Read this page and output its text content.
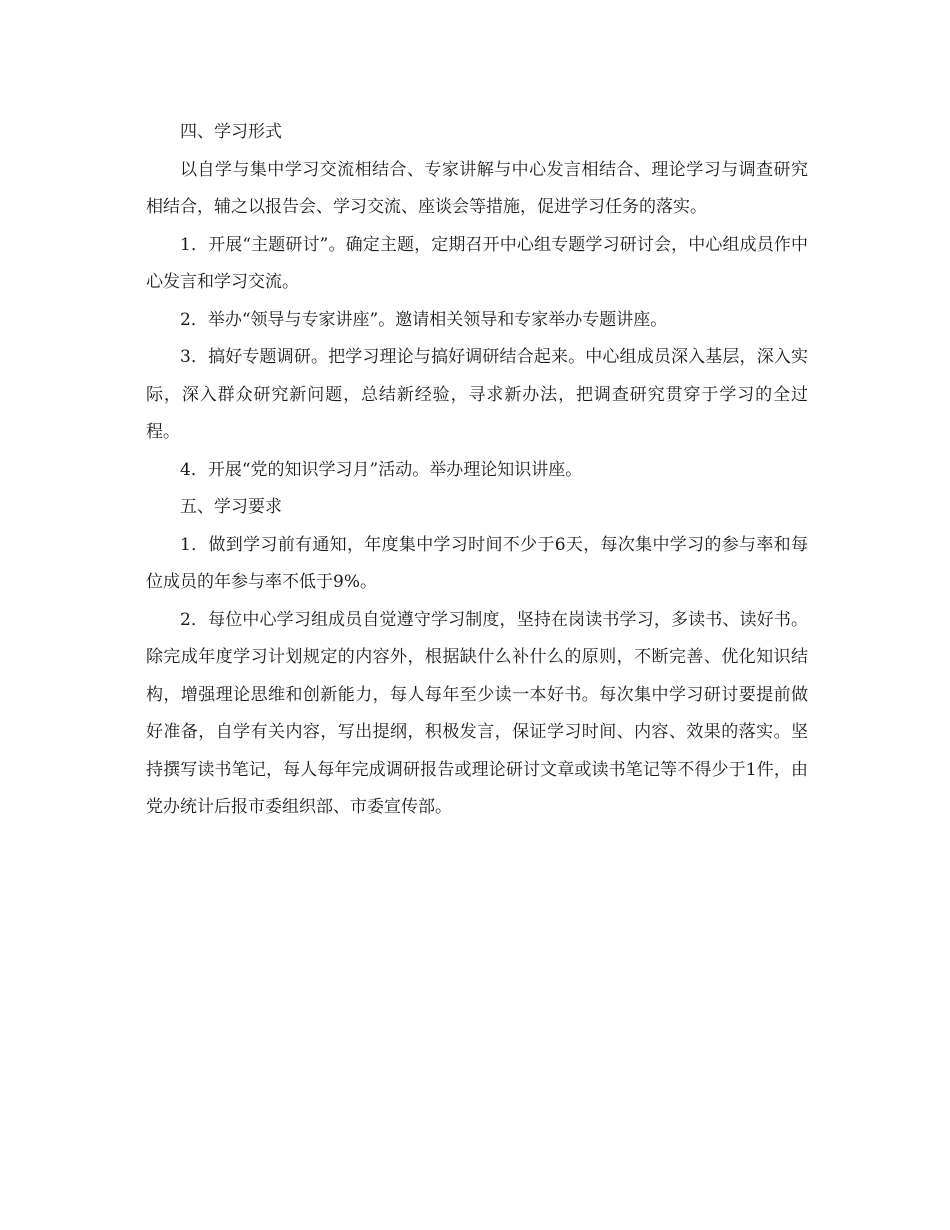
四、学习形式

以自学与集中学习交流相结合、专家讲解与中心发言相结合、理论学习与调查研究相结合，辅之以报告会、学习交流、座谈会等措施，促进学习任务的落实。

1．开展“主题研讨”。确定主题，定期召开中心组专题学习研讨会，中心组成员作中心发言和学习交流。

2．举办“领导与专家讲座”。邀请相关领导和专家举办专题讲座。

3．搞好专题调研。把学习理论与搞好调研结合起来。中心组成员深入基层，深入实际，深入群众研究新问题，总结新经验，寻求新办法，把调查研究贯穿于学习的全过程。

4．开展“党的知识学习月”活动。举办理论知识讲座。

五、学习要求

1．做到学习前有通知，年度集中学习时间不少于6天，每次集中学习的参与率和每位成员的年参与率不低于9%。

2．每位中心学习组成员自觉遵守学习制度，坚持在岗读书学习，多读书、读好书。除完成年度学习计划规定的内容外，根据缺什么补什么的原则，不断完善、优化知识结构，增强理论思维和创新能力，每人每年至少读一本好书。每次集中学习研讨要提前做好准备，自学有关内容，写出提纲，积极发言，保证学习时间、内容、效果的落实。坚持撰写读书笔记，每人每年完成调研报告或理论研讨文章或读书笔记等不得少于1件，由党办统计后报市委组织部、市委宣传部。
